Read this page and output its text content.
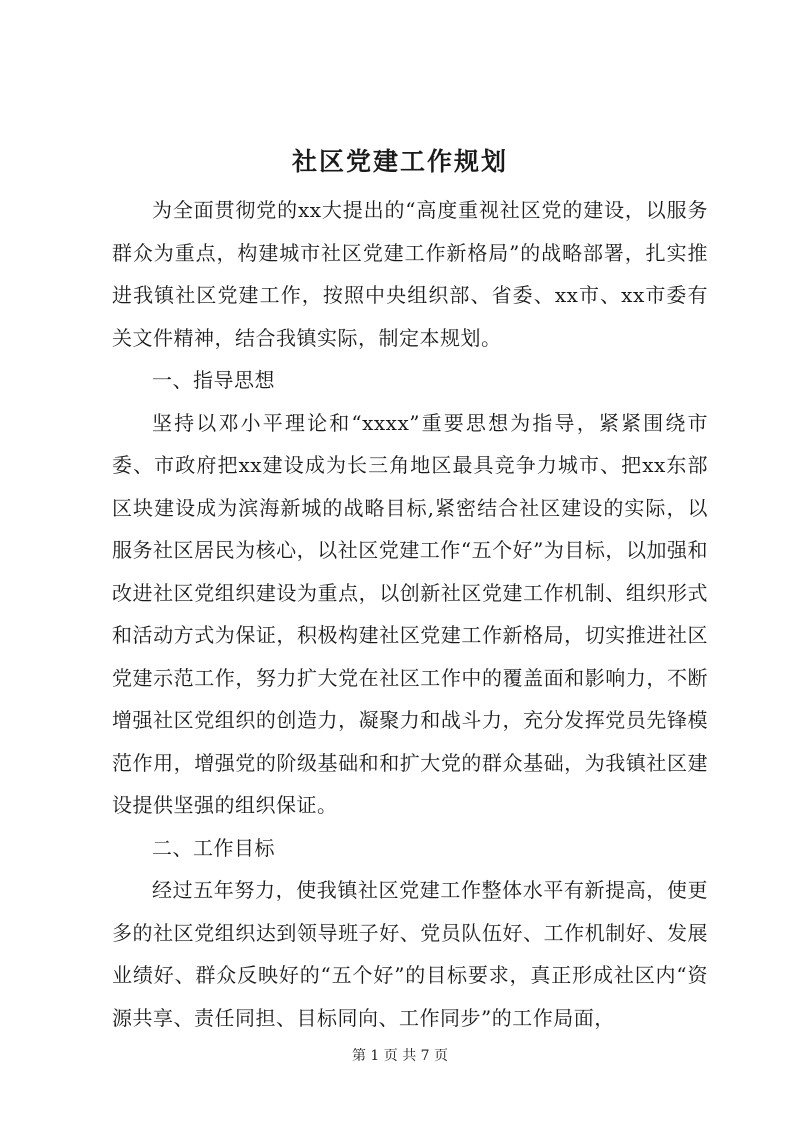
社区党建工作规划

为全面贯彻党的xx大提出的“高度重视社区党的建设，以服务群众为重点，构建城市社区党建工作新格局”的战略部署，扎实推进我镇社区党建工作，按照中央组织部、省委、xx市、xx市委有关文件精神，结合我镇实际，制定本规划。

一、指导思想

坚持以邓小平理论和“xxxx”重要思想为指导，紧紧围绕市委、市政府把xx建设成为长三角地区最具竞争力城市、把xx东部区块建设成为滨海新城的战略目标,紧密结合社区建设的实际，以服务社区居民为核心，以社区党建工作“五个好”为目标，以加强和改进社区党组织建设为重点，以创新社区党建工作机制、组织形式和活动方式为保证，积极构建社区党建工作新格局，切实推进社区党建示范工作，努力扩大党在社区工作中的覆盖面和影响力，不断增强社区党组织的创造力，凝聚力和战斗力，充分发挥党员先锋模范作用，增强党的阶级基础和和扩大党的群众基础，为我镇社区建设提供坚强的组织保证。

二、工作目标

经过五年努力，使我镇社区党建工作整体水平有新提高，使更多的社区党组织达到领导班子好、党员队伍好、工作机制好、发展业绩好、群众反映好的“五个好”的目标要求，真正形成社区内“资源共享、责任同担、目标同向、工作同步”的工作局面，

第 1 页 共 7 页
